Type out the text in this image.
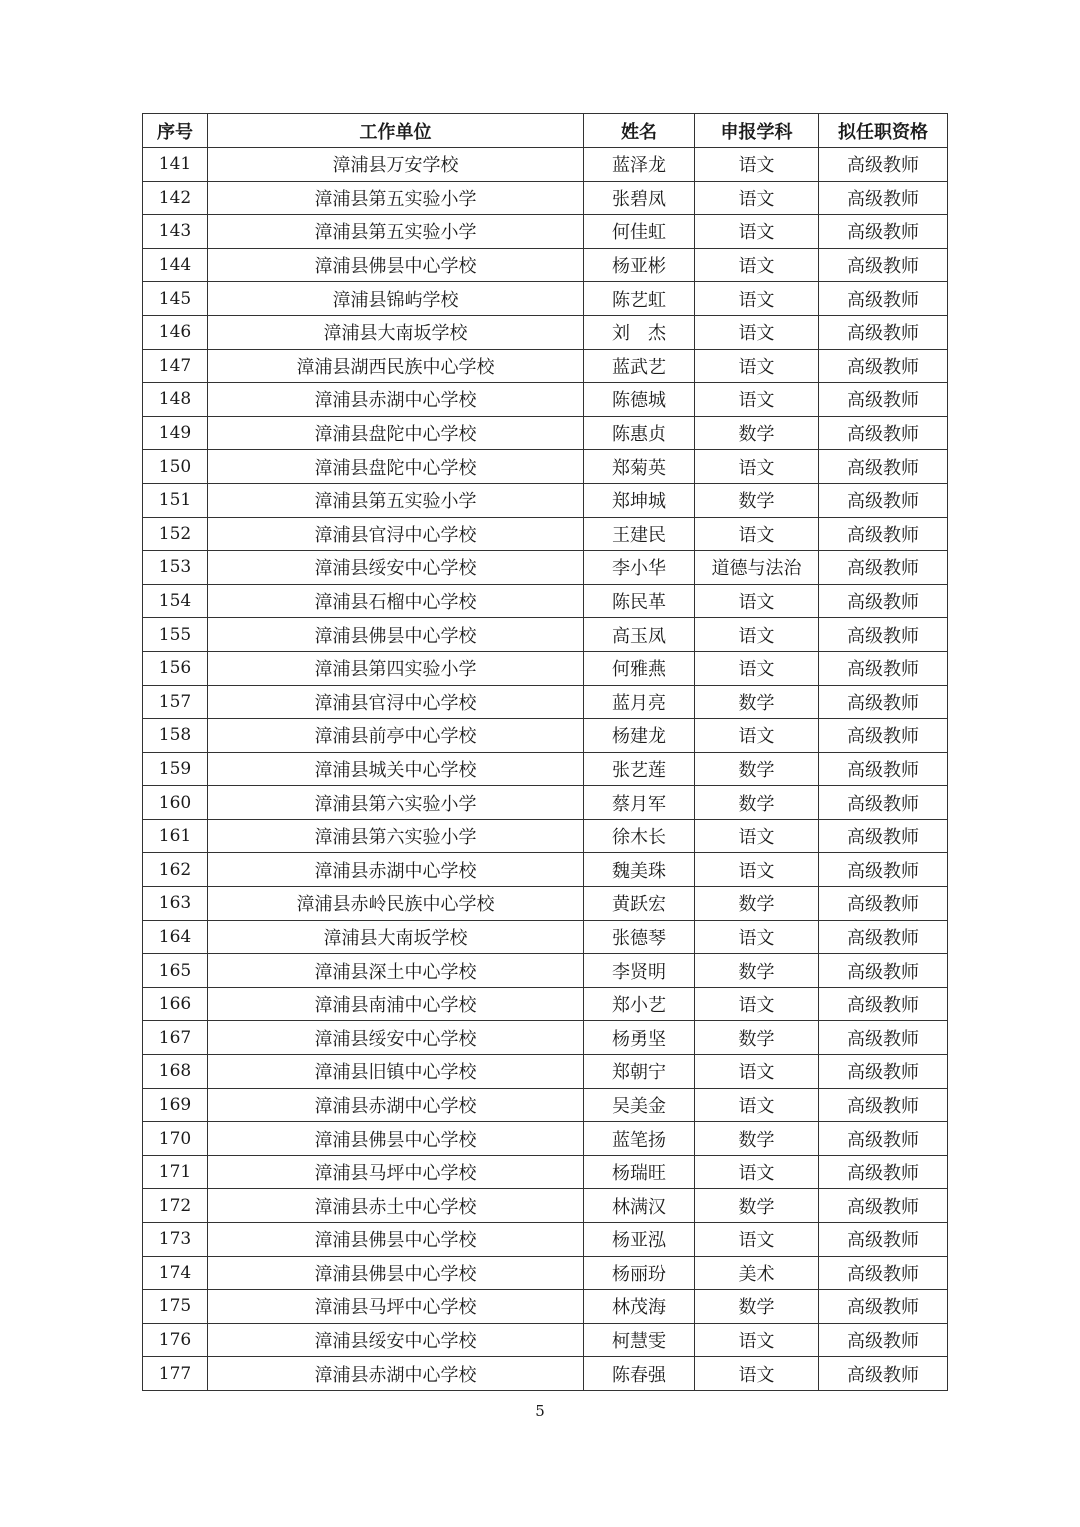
序号	工作单位	姓名	申报学科	拟任职资格
141	漳浦县万安学校	蓝泽龙	语文	高级教师
142	漳浦县第五实验小学	张碧凤	语文	高级教师
143	漳浦县第五实验小学	何佳虹	语文	高级教师
144	漳浦县佛昙中心学校	杨亚彬	语文	高级教师
145	漳浦县锦屿学校	陈艺虹	语文	高级教师
146	漳浦县大南坂学校	刘　杰	语文	高级教师
147	漳浦县湖西民族中心学校	蓝武艺	语文	高级教师
148	漳浦县赤湖中心学校	陈德城	语文	高级教师
149	漳浦县盘陀中心学校	陈惠贞	数学	高级教师
150	漳浦县盘陀中心学校	郑菊英	语文	高级教师
151	漳浦县第五实验小学	郑坤城	数学	高级教师
152	漳浦县官浔中心学校	王建民	语文	高级教师
153	漳浦县绥安中心学校	李小华	道德与法治	高级教师
154	漳浦县石榴中心学校	陈民革	语文	高级教师
155	漳浦县佛昙中心学校	高玉凤	语文	高级教师
156	漳浦县第四实验小学	何雅燕	语文	高级教师
157	漳浦县官浔中心学校	蓝月亮	数学	高级教师
158	漳浦县前亭中心学校	杨建龙	语文	高级教师
159	漳浦县城关中心学校	张艺莲	数学	高级教师
160	漳浦县第六实验小学	蔡月军	数学	高级教师
161	漳浦县第六实验小学	徐木长	语文	高级教师
162	漳浦县赤湖中心学校	魏美珠	语文	高级教师
163	漳浦县赤岭民族中心学校	黄跃宏	数学	高级教师
164	漳浦县大南坂学校	张德琴	语文	高级教师
165	漳浦县深土中心学校	李贤明	数学	高级教师
166	漳浦县南浦中心学校	郑小艺	语文	高级教师
167	漳浦县绥安中心学校	杨勇坚	数学	高级教师
168	漳浦县旧镇中心学校	郑朝宁	语文	高级教师
169	漳浦县赤湖中心学校	吴美金	语文	高级教师
170	漳浦县佛昙中心学校	蓝笔扬	数学	高级教师
171	漳浦县马坪中心学校	杨瑞旺	语文	高级教师
172	漳浦县赤土中心学校	林满汉	数学	高级教师
173	漳浦县佛昙中心学校	杨亚泓	语文	高级教师
174	漳浦县佛昙中心学校	杨丽玢	美术	高级教师
175	漳浦县马坪中心学校	林茂海	数学	高级教师
176	漳浦县绥安中心学校	柯慧雯	语文	高级教师
177	漳浦县赤湖中心学校	陈春强	语文	高级教师
5
